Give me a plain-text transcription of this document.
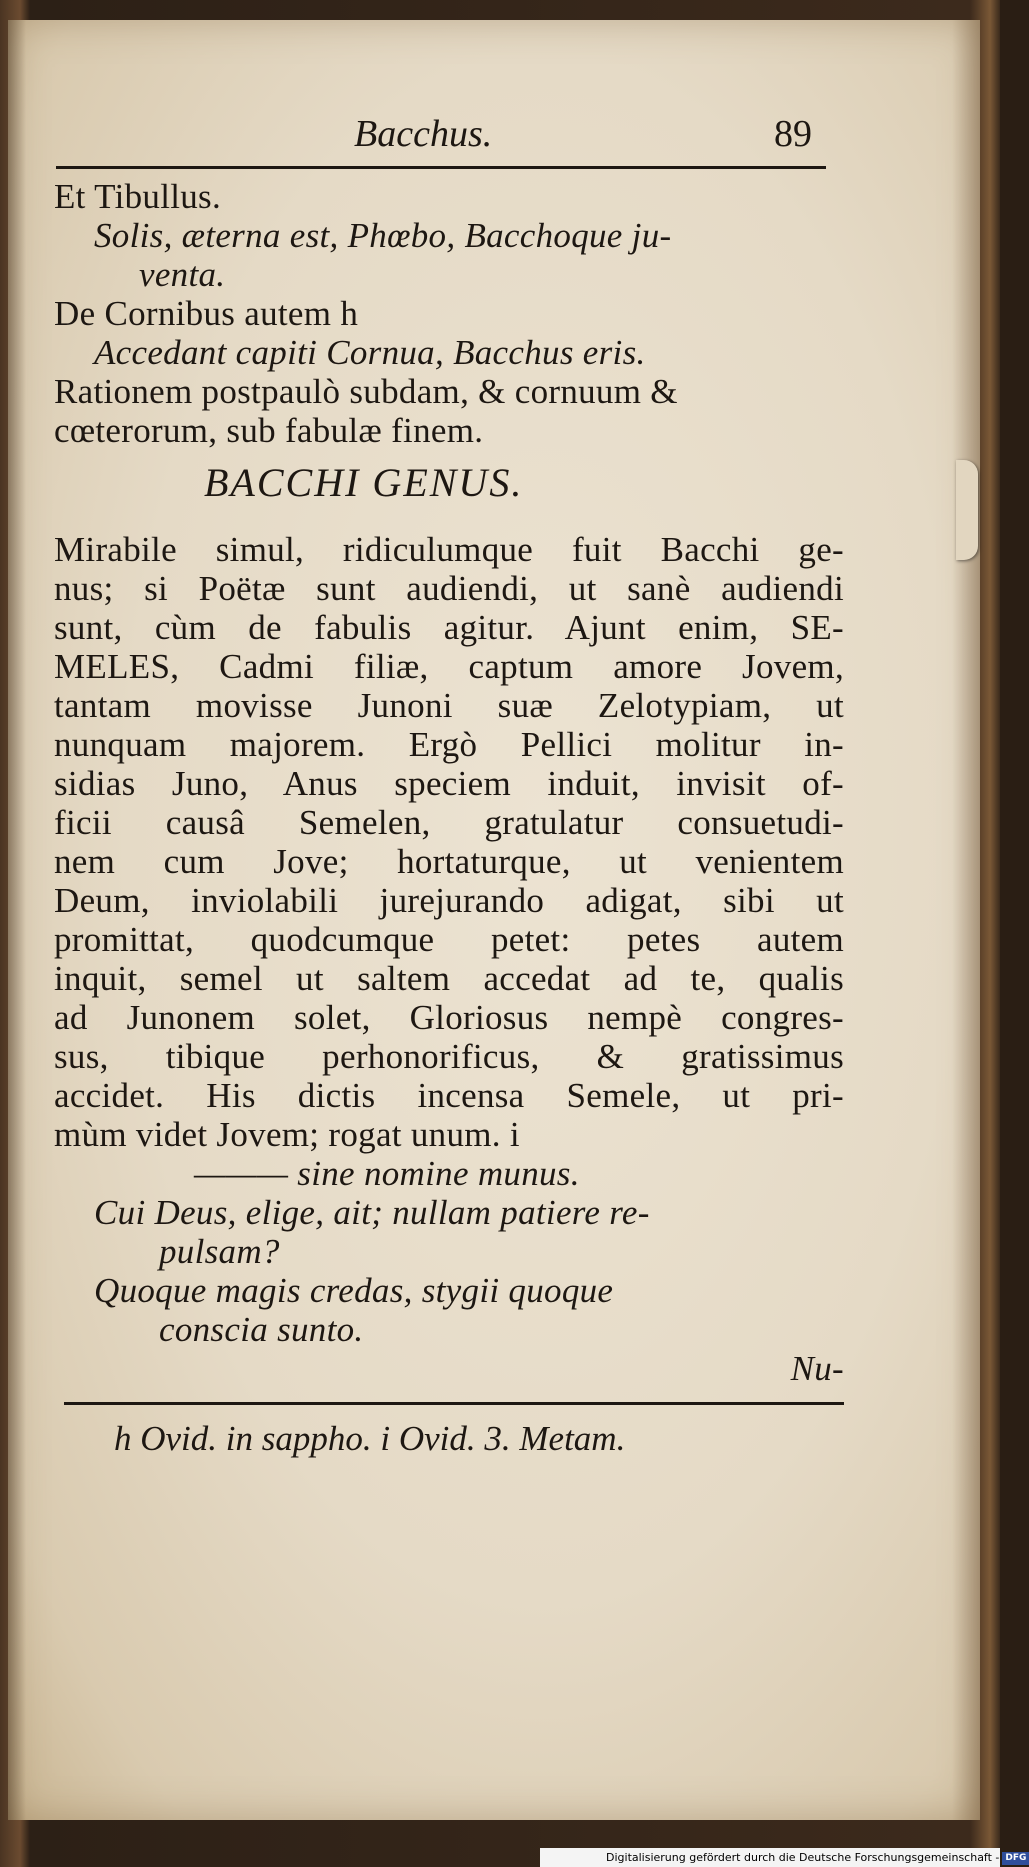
Bacchus.	89
Et Tibullus.
Solis, æterna est, Phœbo, Bacchoque ju-
venta.
De Cornibus autem h
Accedant capiti Cornua, Bacchus eris.
Rationem postpaulò subdam, & cornuum &
cœterorum, sub fabulæ finem.
BACCHI GENUS.
Mirabile simul, ridiculumque fuit Bacchi ge-
nus; si Poëtæ sunt audiendi, ut sanè audiendi
sunt, cùm de fabulis agitur. Ajunt enim, SE-
MELES, Cadmi filiæ, captum amore Jovem,
tantam movisse Junoni suæ Zelotypiam, ut
nunquam majorem. Ergò Pellici molitur in-
sidias Juno, Anus speciem induit, invisit of-
ficii causâ Semelen, gratulatur consuetudi-
nem cum Jove; hortaturque, ut venientem
Deum, inviolabili jurejurando adigat, sibi ut
promittat, quodcumque petet: petes autem
inquit, semel ut saltem accedat ad te, qualis
ad Junonem solet, Gloriosus nempè congres-
sus, tibique perhonorificus, & gratissimus
accidet. His dictis incensa Semele, ut pri-
mùm videt Jovem; rogat unum. i
——— sine nomine munus.
Cui Deus, elige, ait; nullam patiere re-
pulsam?
Quoque magis credas, stygii quoque
conscia sunto.
Nu-
h Ovid. in sappho. i Ovid. 3. Metam.
Digitalisierung gefördert durch die Deutsche Forschungsgemeinschaft - DFG
